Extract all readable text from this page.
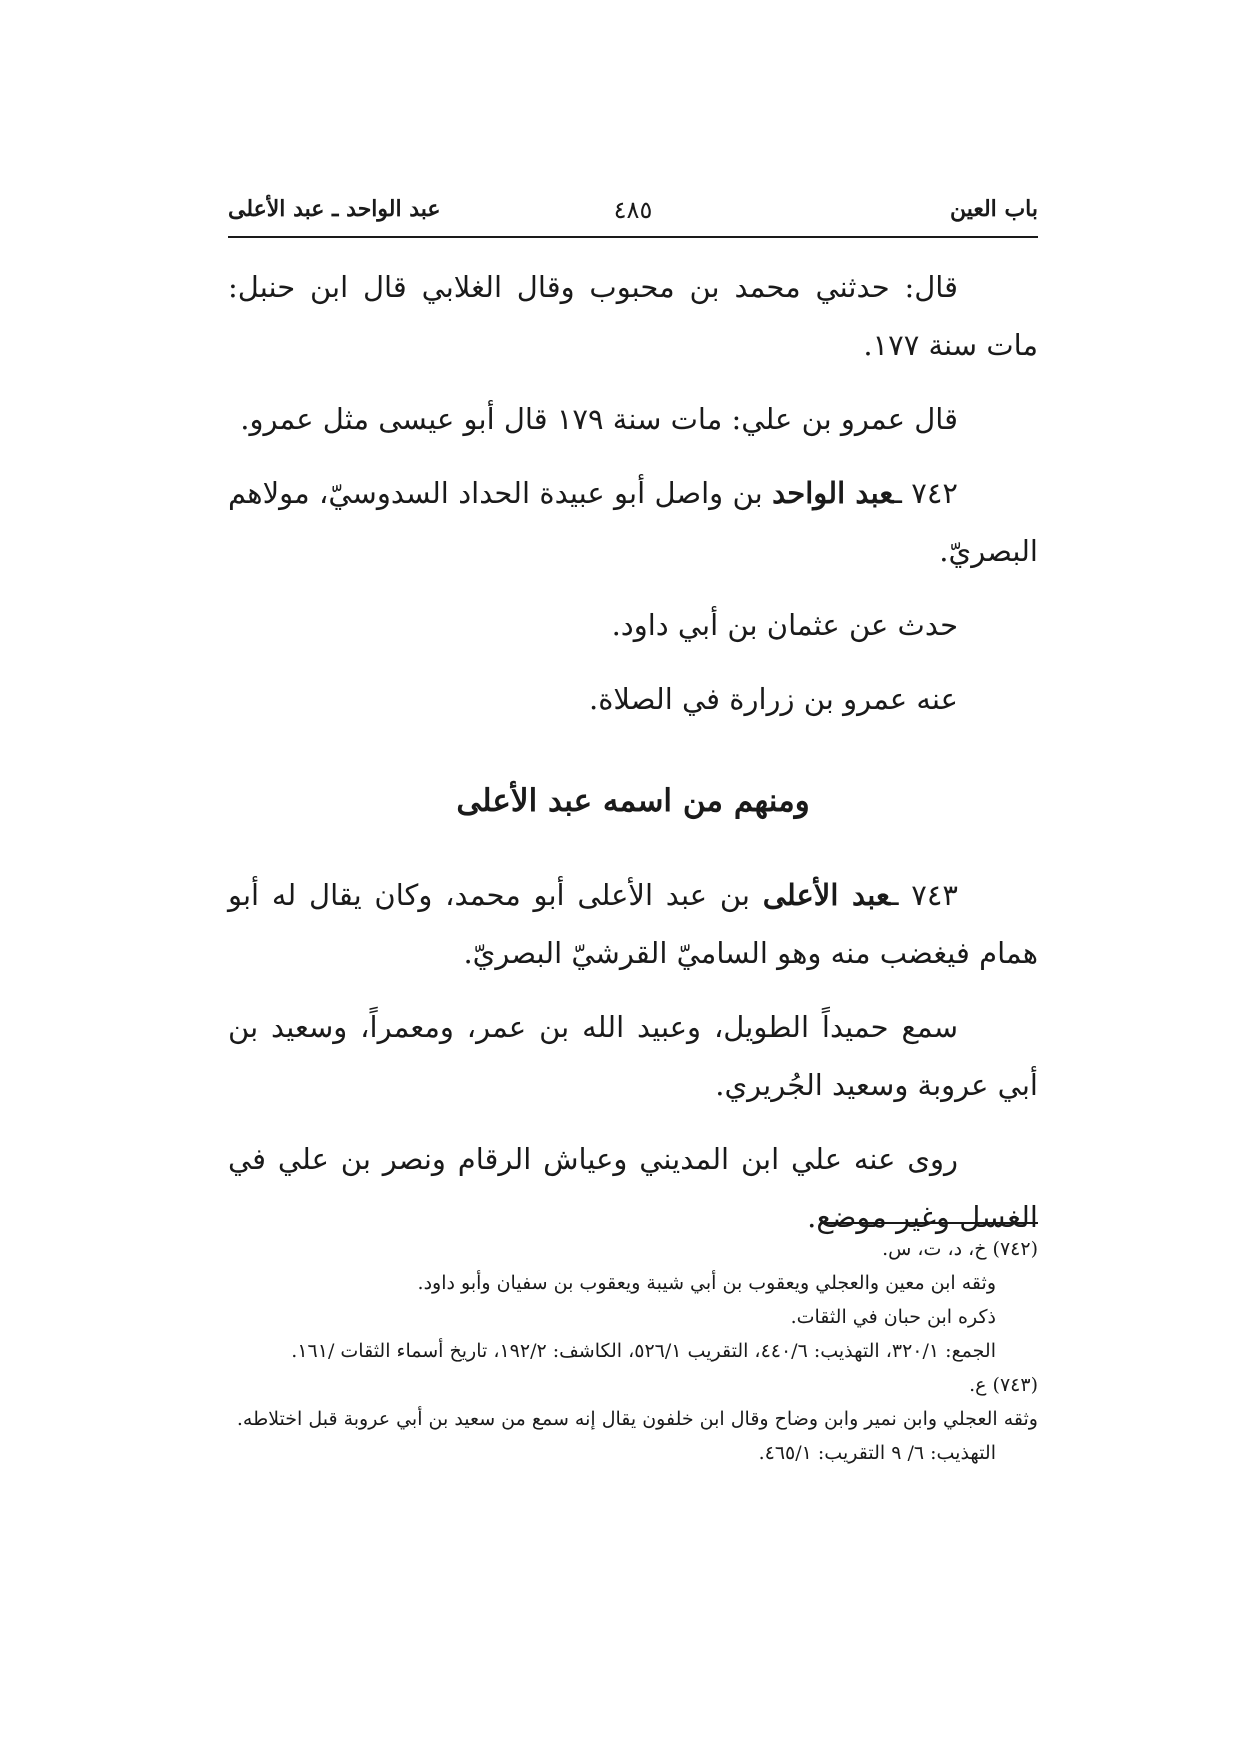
باب العين
٤٨٥
عبد الواحد ـ عبد الأعلى

قال: حدثني محمد بن محبوب وقال الغلابي قال ابن حنبل: مات سنة ١٧٧.

قال عمرو بن علي: مات سنة ١٧٩ قال أبو عيسى مثل عمرو.

٧٤٢ ـعبد الواحد بن واصل أبو عبيدة الحداد السدوسيّ، مولاهم البصريّ.

حدث عن عثمان بن أبي داود.

عنه عمرو بن زرارة في الصلاة.

ومنهم من اسمه عبد الأعلى

٧٤٣ ـعبد الأعلى بن عبد الأعلى أبو محمد، وكان يقال له أبو همام فيغضب منه وهو الساميّ القرشيّ البصريّ.

سمع حميداً الطويل، وعبيد الله بن عمر، ومعمراً، وسعيد بن أبي عروبة وسعيد الجُريري.

روى عنه علي ابن المديني وعياش الرقام ونصر بن علي في الغسل وغير موضع.

(٧٤٢) خ، د، ت، س.

وثقه ابن معين والعجلي ويعقوب بن أبي شيبة ويعقوب بن سفيان وأبو داود.

ذكره ابن حبان في الثقات.

الجمع: ٣٢٠/١، التهذيب: ٤٤٠/٦، التقريب ٥٢٦/١، الكاشف: ١٩٢/٢، تاريخ أسماء الثقات /١٦١.

(٧٤٣) ع.

وثقه العجلي وابن نمير وابن وضاح وقال ابن خلفون يقال إنه سمع من سعيد بن أبي عروبة قبل اختلاطه.

التهذيب: ٦/ ٩ التقريب: ٤٦٥/١.
